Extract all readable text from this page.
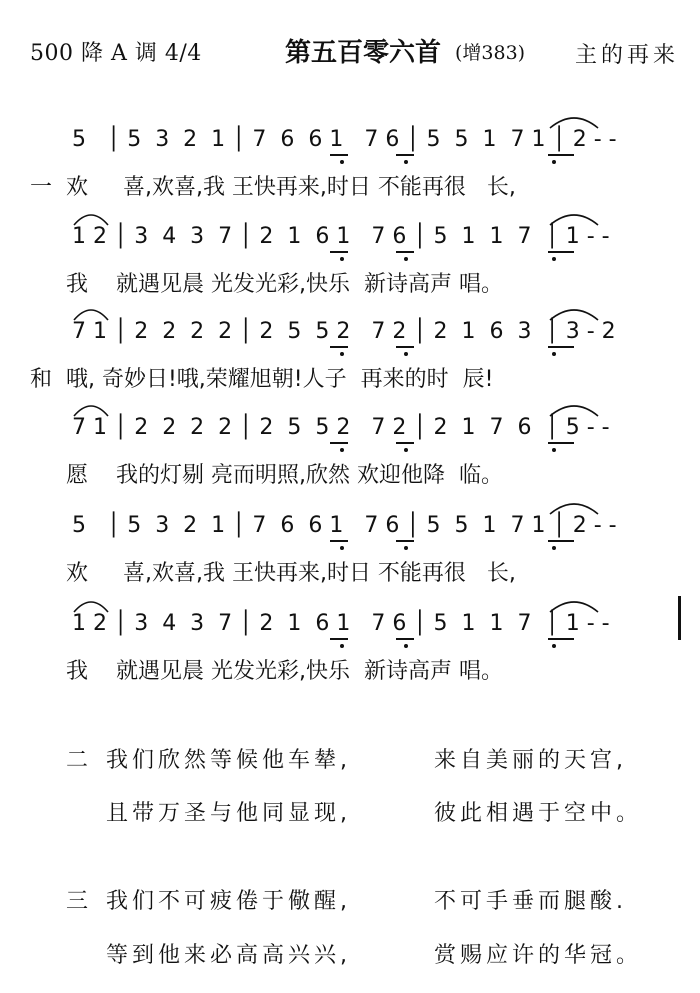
500 降 A 调 4/4	第五百零六首 (增383) 主的再来
5   │ 5  3  2  1 │ 7  6  6 1   7 6 │ 5  5  1  7 1 │ 2 - -
一  欢     喜,欢喜,我 王快再来,时日 不能再很   长,
1 2 │ 3  4  3  7 │ 2  1  6 1   7 6 │ 5  1  1  7  │ 1 - -
我    就遇见晨 光发光彩,快乐  新诗高声 唱。
7 1 │ 2  2  2  2 │ 2  5  5 2   7 2 │ 2  1  6  3  │ 3 - 2
和  哦, 奇妙日!哦,荣耀旭朝!人子  再来的时  辰!
7 1 │ 2  2  2  2 │ 2  5  5 2   7 2 │ 2  1  7  6  │ 5 - -
愿    我的灯剔 亮而明照,欣然 欢迎他降  临。
5   │ 5  3  2  1 │ 7  6  6 1   7 6 │ 5  5  1  7 1 │ 2 - -
欢     喜,欢喜,我 王快再来,时日 不能再很   长,
1 2 │ 3  4  3  7 │ 2  1  6 1   7 6 │ 5  1  1  7  │ 1 - -
我    就遇见晨 光发光彩,快乐  新诗高声 唱。
二 我们欣然等候他车辇,	来自美丽的天宫,
且带万圣与他同显现,	彼此相遇于空中。
三 我们不可疲倦于儆醒,	不可手垂而腿酸.
等到他来必高高兴兴,	赏赐应许的华冠。
